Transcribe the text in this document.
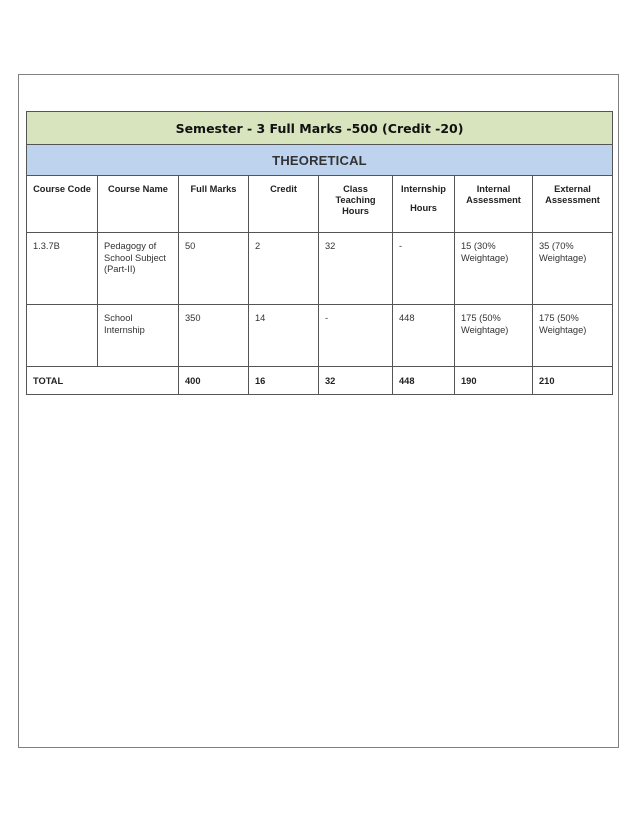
Semester - 3 Full Marks -500 (Credit -20)							
THEORETICAL							

Course Code	Course Name	Full Marks	Credit	Class
Teaching
Hours	Internship
Hours	Internal
Assessment	External
Assessment

1.3.7B	Pedagogy of
School Subject
(Part-II)	50	2	32	-	15 (30%
Weightage)	35 (70%
Weightage)

	School
Internship	350	14	-	448	175 (50%
Weightage)	175 (50%
Weightage)

TOTAL		400	16	32	448	190	210
